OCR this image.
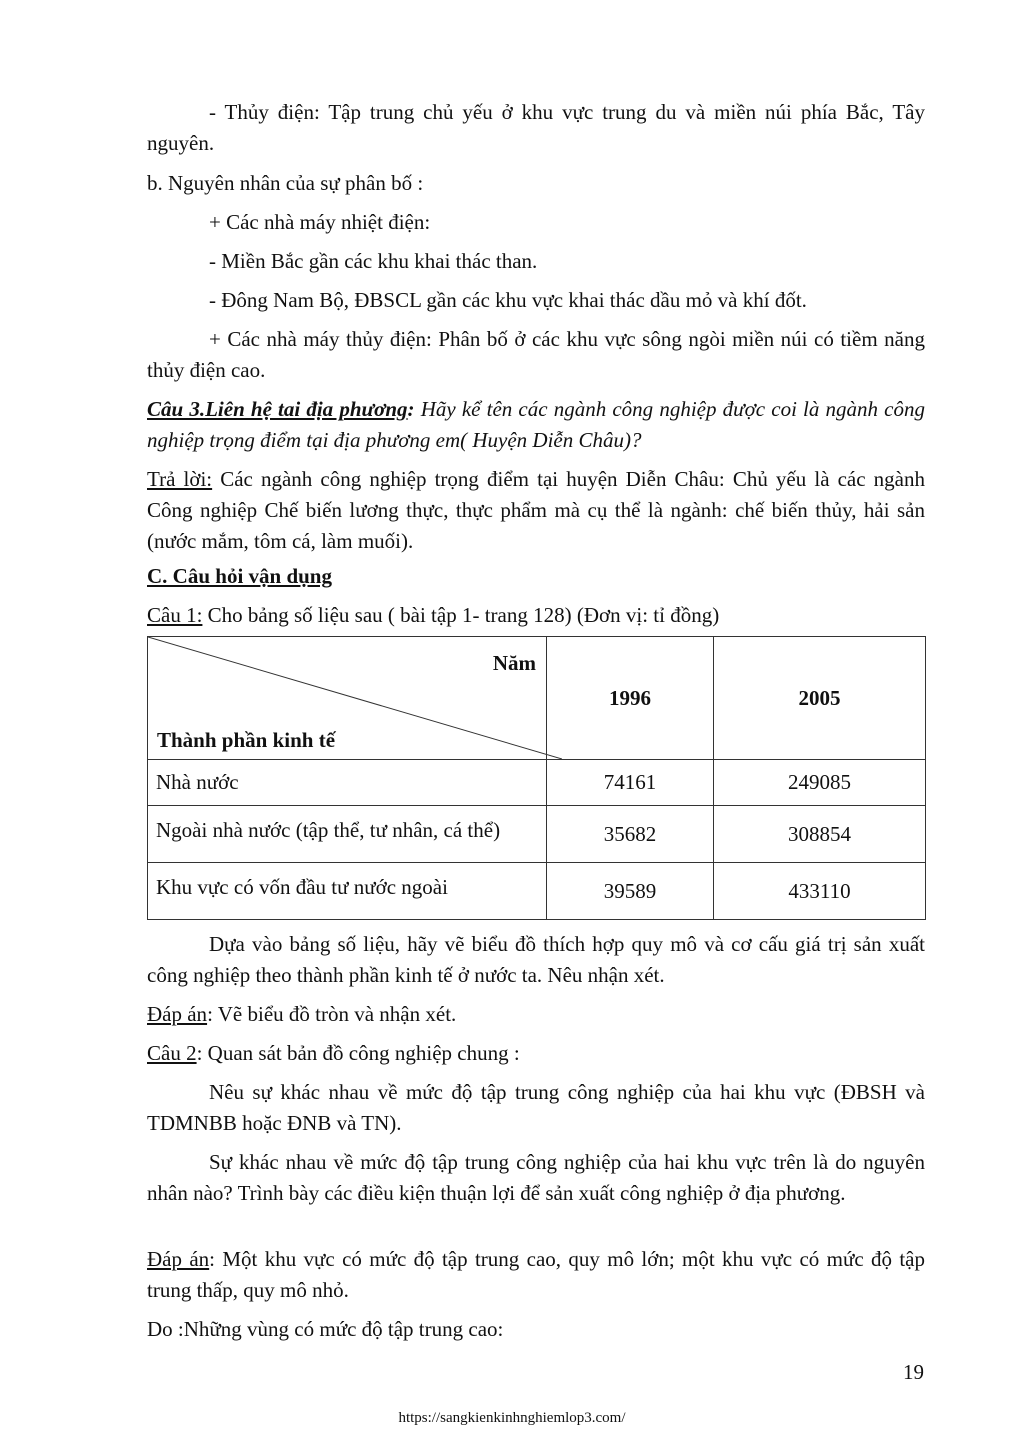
- Thủy điện: Tập trung chủ yếu ở khu vực trung du và miền núi phía Bắc, Tây nguyên.

b. Nguyên nhân của sự phân bố :

+ Các nhà máy nhiệt điện:

- Miền Bắc gần các khu khai thác than.

- Đông Nam Bộ, ĐBSCL gần các khu vực khai thác dầu mỏ và khí đốt.

+ Các nhà máy thủy điện: Phân bố ở các khu vực sông ngòi miền núi có tiềm năng thủy điện cao.

Câu 3.Liên hệ tai địa phương: Hãy kể tên các ngành công nghiệp được coi là ngành công nghiệp trọng điểm tại địa phương em( Huyện Diễn Châu)?

Trả lời: Các ngành công nghiệp trọng điểm tại huyện Diễn Châu: Chủ yếu là các ngành Công nghiệp Chế biến lương thực, thực phẩm mà cụ thể là ngành: chế biến thủy, hải sản (nước mắm, tôm cá, làm muối).

C. Câu hỏi vận dụng

Câu 1: Cho bảng số liệu sau ( bài tập 1- trang 128) (Đơn vị: tỉ đồng)

Năm
Thành phần kinh tế	1996	2005
Nhà nước	74161	249085
Ngoài nhà nước (tập thể, tư nhân, cá thể)	35682	308854
Khu vực có vốn đầu tư nước ngoài	39589	433110

Dựa vào bảng số liệu, hãy vẽ biểu đồ thích hợp quy mô và cơ cấu giá trị sản xuất công nghiệp theo thành phần kinh tế ở nước ta. Nêu nhận xét.

Đáp án: Vẽ biểu đồ tròn và nhận xét.

Câu 2: Quan sát bản đồ công nghiệp chung :

Nêu sự khác nhau về mức độ tập trung công nghiệp của hai khu vực (ĐBSH và TDMNBB hoặc ĐNB và TN).

Sự khác nhau về mức độ tập trung công nghiệp của hai khu vực trên là do nguyên nhân nào? Trình bày các điều kiện thuận lợi để sản xuất công nghiệp ở địa phương.

Đáp án: Một khu vực có mức độ tập trung cao, quy mô lớn; một khu vực có mức độ tập trung thấp, quy mô nhỏ.

Do :Những vùng có mức độ tập trung cao:

19
https://sangkienkinhnghiemlop3.com/
